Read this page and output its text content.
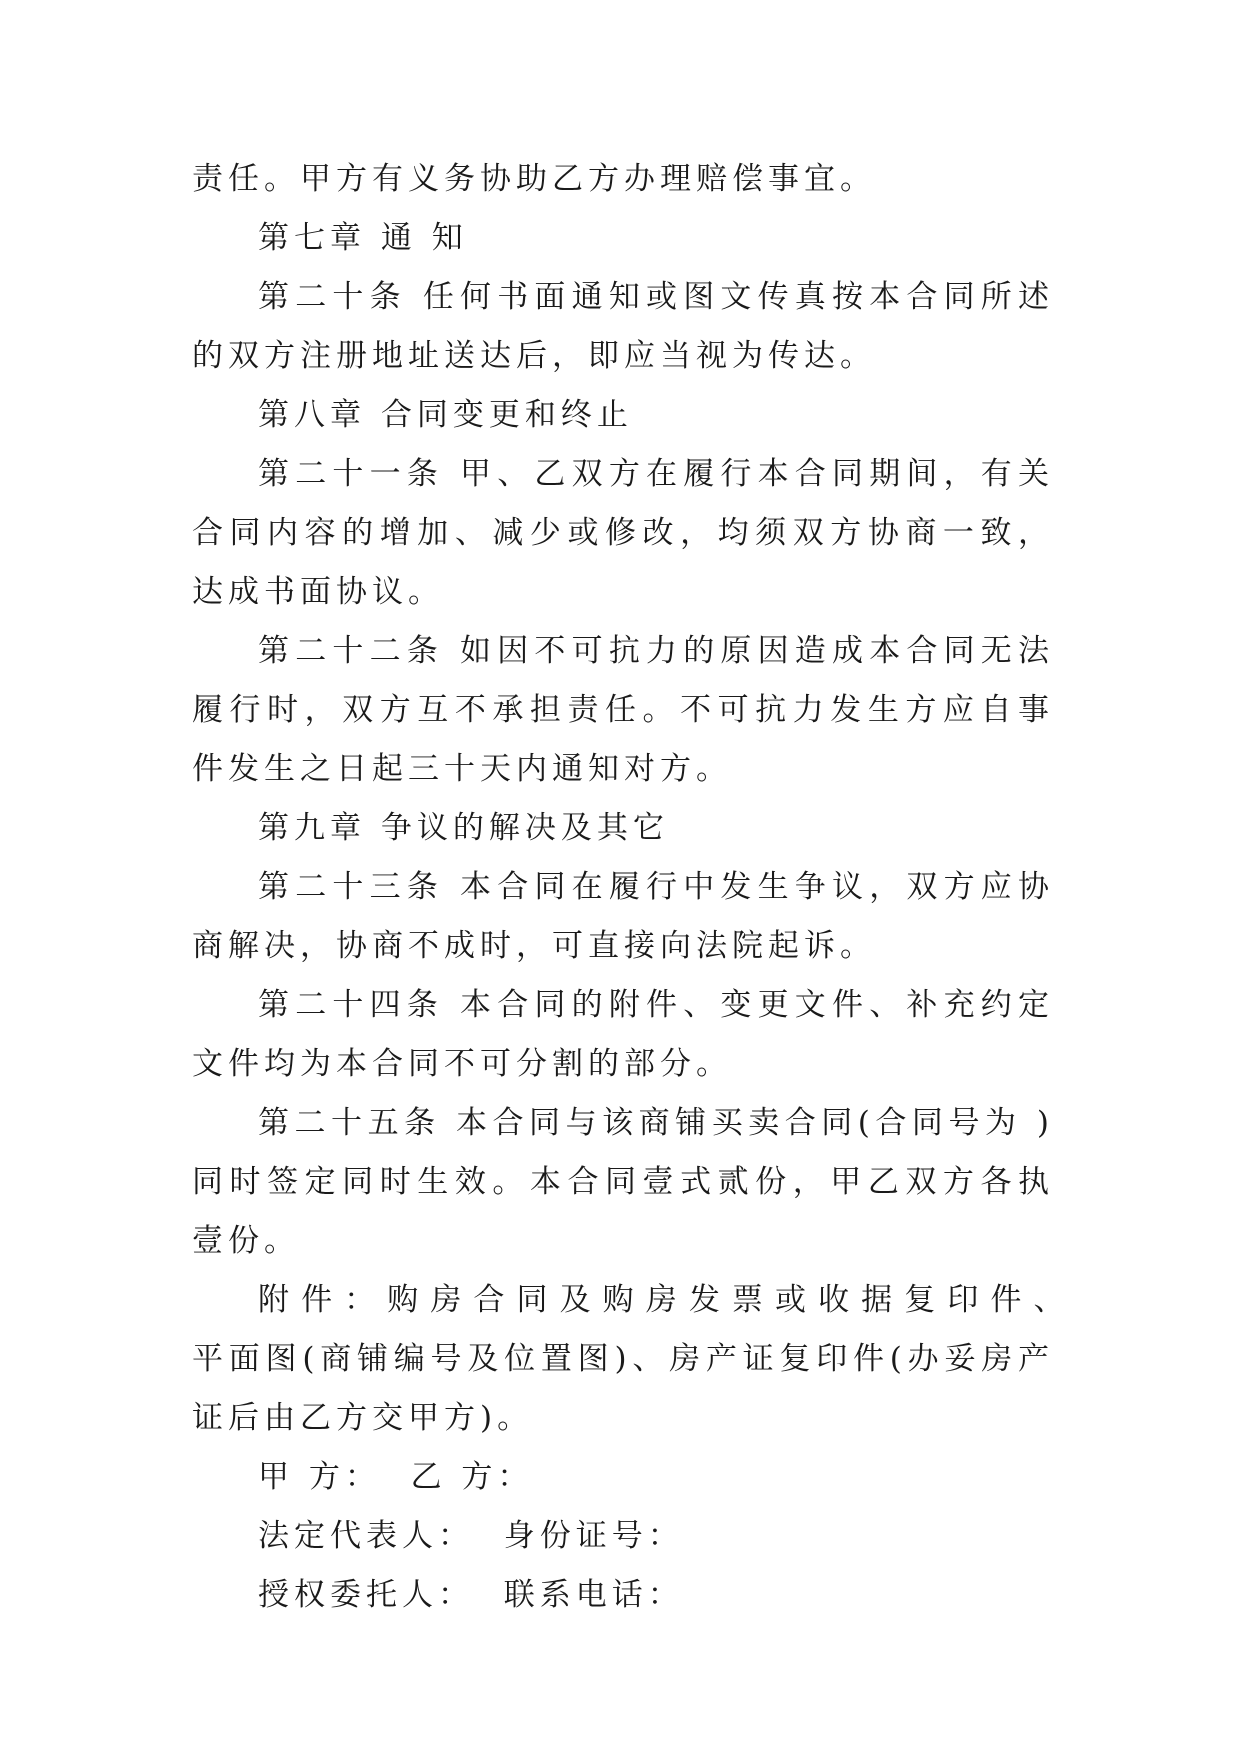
责任。甲方有义务协助乙方办理赔偿事宜。

第七章 通 知

第二十条 任何书面通知或图文传真按本合同所述的双方注册地址送达后，即应当视为传达。

第八章 合同变更和终止

第二十一条 甲、乙双方在履行本合同期间，有关合同内容的增加、减少或修改，均须双方协商一致，达成书面协议。

第二十二条 如因不可抗力的原因造成本合同无法履行时，双方互不承担责任。不可抗力发生方应自事件发生之日起三十天内通知对方。

第九章 争议的解决及其它

第二十三条 本合同在履行中发生争议，双方应协商解决，协商不成时，可直接向法院起诉。

第二十四条 本合同的附件、变更文件、补充约定文件均为本合同不可分割的部分。

第二十五条 本合同与该商铺买卖合同(合同号为 )同时签定同时生效。本合同壹式贰份，甲乙双方各执壹份。

附件：购房合同及购房发票或收据复印件、　　　平面图(商铺编号及位置图)、房产证复印件(办妥房产证后由乙方交甲方)。

甲 方： 乙 方：
法定代表人： 身份证号：
授权委托人： 联系电话：
